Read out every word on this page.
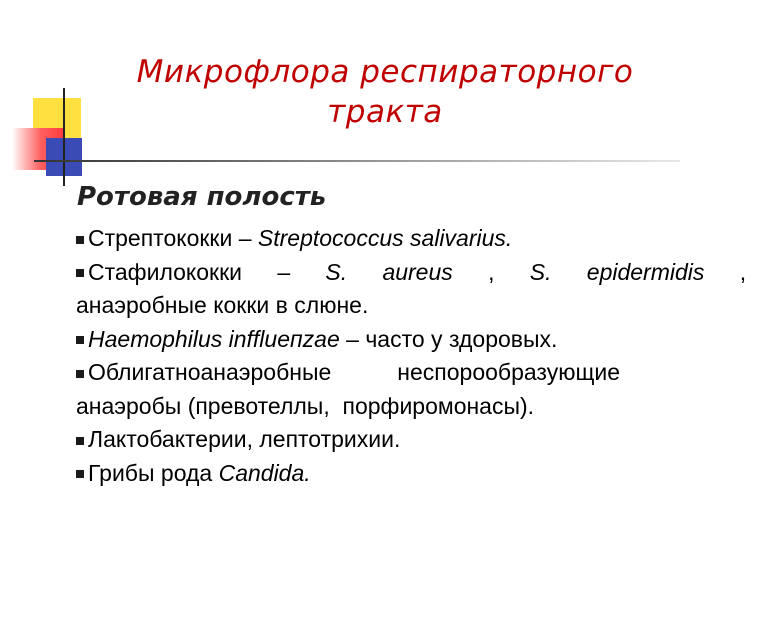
Микрофлора респираторного
тракта
Ротовая полость

Стрептококки – Streptococcus salivarius.

Стафилококки – S. aureus , S. epidermidis ,

анаэробные кокки в слюне.

Haemophilus infflueпzae – часто у здоровых.

Облигатноанаэробные	неспорообразующие

анаэробы (превотеллы,  порфиромонасы).

Лактобактерии, лептотрихии.

Грибы рода Candida.
